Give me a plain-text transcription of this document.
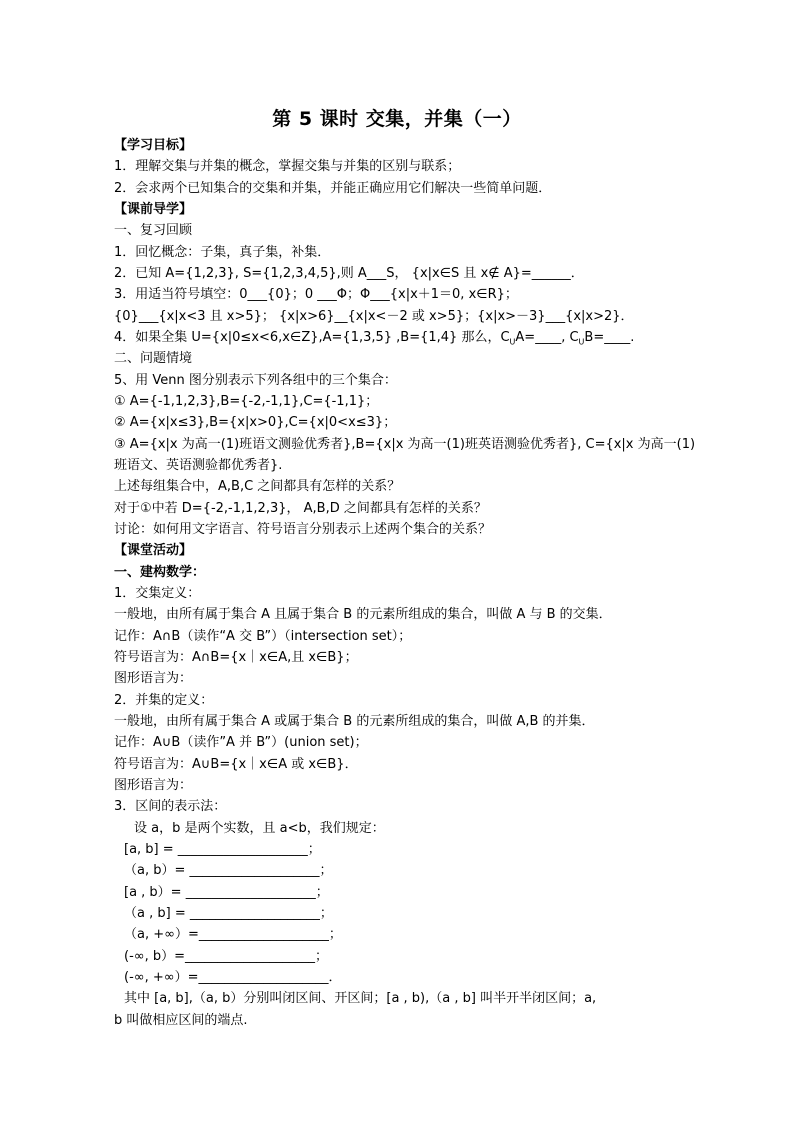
第 5 课时 交集，并集（一）
【学习目标】
1．理解交集与并集的概念，掌握交集与并集的区别与联系；
2．会求两个已知集合的交集和并集，并能正确应用它们解决一些简单问题．
【课前导学】
一、复习回顾
1．回忆概念：子集，真子集，补集．
2．已知 A={1,2,3}, S={1,2,3,4,5},则 A___S， {x|x∈S 且 x∉ A}=______．
3．用适当符号填空：0___{0}；0 ___Φ；Φ___{x|x＋1＝0, x∈R}；
{0}___{x|x<3 且 x>5}； {x|x>6}__{x|x<－2 或 x>5}；{x|x>－3}___{x|x>2}．
4．如果全集 U={x|0≤x<6,x∈Z},A={1,3,5} ,B={1,4} 那么，$C_UA=\_\_\_\_$, $C_UB=\_\_\_\_$.
二、问题情境
5、用 Venn 图分别表示下列各组中的三个集合：
① A={-1,1,2,3},B={-2,-1,1},C={-1,1}；
② A={x|x≤3},B={x|x>0},C={x|0<x≤3}；
③ A={x|x 为高一(1)班语文测验优秀者},B={x|x 为高一(1)班英语测验优秀者}, C={x|x 为高一(1)
班语文、英语测验都优秀者}.
上述每组集合中，A,B,C 之间都具有怎样的关系？
对于①中若 D={-2,-1,1,2,3}， A,B,D 之间都具有怎样的关系？
讨论：如何用文字语言、符号语言分别表示上述两个集合的关系？
【课堂活动】
一、建构数学：
1．交集定义：
一般地，由所有属于集合 A 且属于集合 B 的元素所组成的集合，叫做 A 与 B 的交集．
记作：A∩B（读作“A 交 B”）（intersection set）；
符号语言为：A∩B={x｜x∈A,且 x∈B}；
图形语言为：
2．并集的定义：
一般地，由所有属于集合 A 或属于集合 B 的元素所组成的集合，叫做 A,B 的并集．
记作：A∪B（读作”A 并 B”）(union set)；
符号语言为：A∪B={x｜x∈A 或 x∈B}．
图形语言为：
3．区间的表示法：
设 a，b 是两个实数，且 a<b，我们规定：
[a, b] = ____________________；
（a, b）= ____________________；
[a , b）= ____________________；
（a , b] = ____________________；
（a, +∞）=____________________；
(-∞, b）=____________________；
(-∞, +∞）=____________________．
其中 [a, b],（a, b）分别叫闭区间、开区间；[a , b),（a , b] 叫半开半闭区间；a,
b 叫做相应区间的端点.
